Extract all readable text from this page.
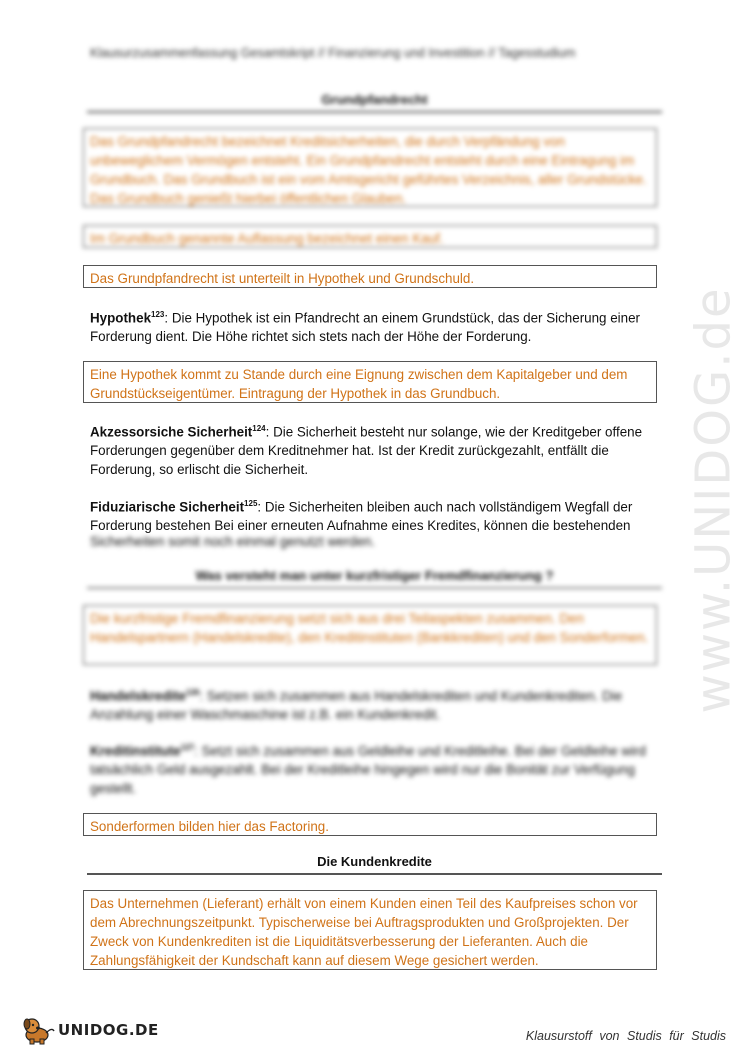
Klausurzusammenfassung Gesamtskript // Finanzierung und Investition // Tagesstudium
Grundpfandrecht
Das Grundpfandrecht bezeichnet Kreditsicherheiten, die durch Verpfändung von unbeweglichem Vermögen entsteht. Ein Grundpfandrecht entsteht durch eine Eintragung im Grundbuch. Das Grundbuch ist ein vom Amtsgericht geführtes Verzeichnis, aller Grundstücke. Das Grundbuch genießt hierbei öffentlichen Glauben.
Im Grundbuch genannte Auflassung bezeichnet einen Kauf.
Das Grundpfandrecht ist unterteilt in Hypothek und Grundschuld.
Hypothek$^{123}$: Die Hypothek ist ein Pfandrecht an einem Grundstück, das der Sicherung einer Forderung dient. Die Höhe richtet sich stets nach der Höhe der Forderung.
Eine Hypothek kommt zu Stande durch eine Eignung zwischen dem Kapitalgeber und dem Grundstückseigentümer. Eintragung der Hypothek in das Grundbuch.
Akzessorsiche Sicherheit$^{124}$: Die Sicherheit besteht nur solange, wie der Kreditgeber offene Forderungen gegenüber dem Kreditnehmer hat. Ist der Kredit zurückgezahlt, entfällt die Forderung, so erlischt die Sicherheit.
Fiduziarische Sicherheit$^{125}$: Die Sicherheiten bleiben auch nach vollständigem Wegfall der Forderung bestehen Bei einer erneuten Aufnahme eines Kredites, können die bestehenden
Sicherheiten somit noch einmal genutzt werden.
Was versteht man unter kurzfristiger Fremdfinanzierung ?
Die kurzfristige Fremdfinanzierung setzt sich aus drei Teilaspekten zusammen. Den Handelspartnern (Handelskredite), den Kreditinstituten (Bankkrediten) und den Sonderformen.
Handelskredite$^{126}$: Setzen sich zusammen aus Handelskrediten und Kundenkrediten. Die Anzahlung einer Waschmaschine ist z.B. ein Kundenkredit.
Kreditinstitute$^{127}$: Setzt sich zusammen aus Geldleihe und Kreditleihe. Bei der Geldleihe wird tatsächlich Geld ausgezahlt. Bei der Kreditleihe hingegen wird nur die Bonität zur Verfügung gestellt.
Sonderformen bilden hier das Factoring.
Die Kundenkredite
Das Unternehmen (Lieferant) erhält von einem Kunden einen Teil des Kaufpreises schon vor dem Abrechnungszeitpunkt. Typischerweise bei Auftragsprodukten und Großprojekten. Der Zweck von Kundenkrediten ist die Liquiditätsverbesserung der Lieferanten. Auch die Zahlungsfähigkeit der Kundschaft kann auf diesem Wege gesichert werden.
www.UNIDOG.de
UNIDOG.DE	Klausurstoff von Studis für Studis
